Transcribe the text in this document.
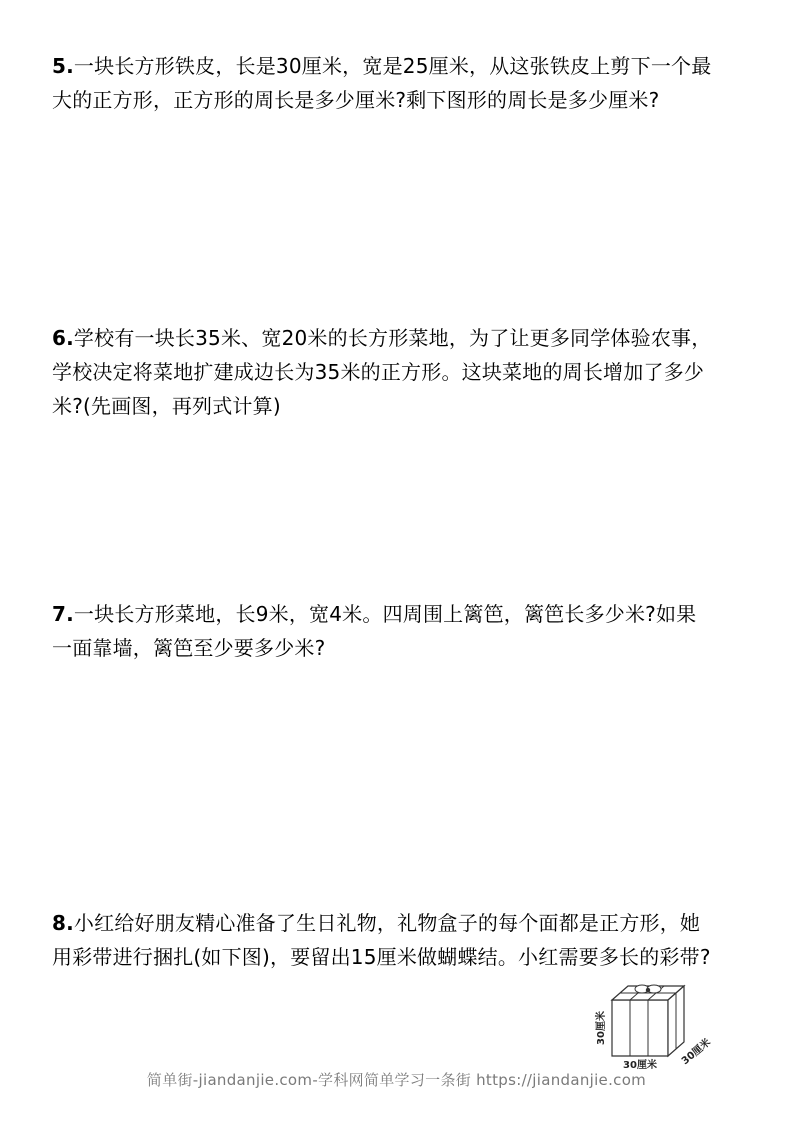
5.一块长方形铁皮，长是30厘米，宽是25厘米，从这张铁皮上剪下一个最
大的正方形，正方形的周长是多少厘米?剩下图形的周长是多少厘米?
6.学校有一块长35米、宽20米的长方形菜地，为了让更多同学体验农事，
学校决定将菜地扩建成边长为35米的正方形。这块菜地的周长增加了多少
米?(先画图，再列式计算)
7.一块长方形菜地，长9米，宽4米。四周围上篱笆，篱笆长多少米?如果
一面靠墙，篱笆至少要多少米?
8.小红给好朋友精心准备了生日礼物，礼物盒子的每个面都是正方形，她
用彩带进行捆扎(如下图)，要留出15厘米做蝴蝶结。小红需要多长的彩带?
30厘米
30厘米 30厘米
简单街-jiandanjie.com-学科网简单学习一条街 https://jiandanjie.com
